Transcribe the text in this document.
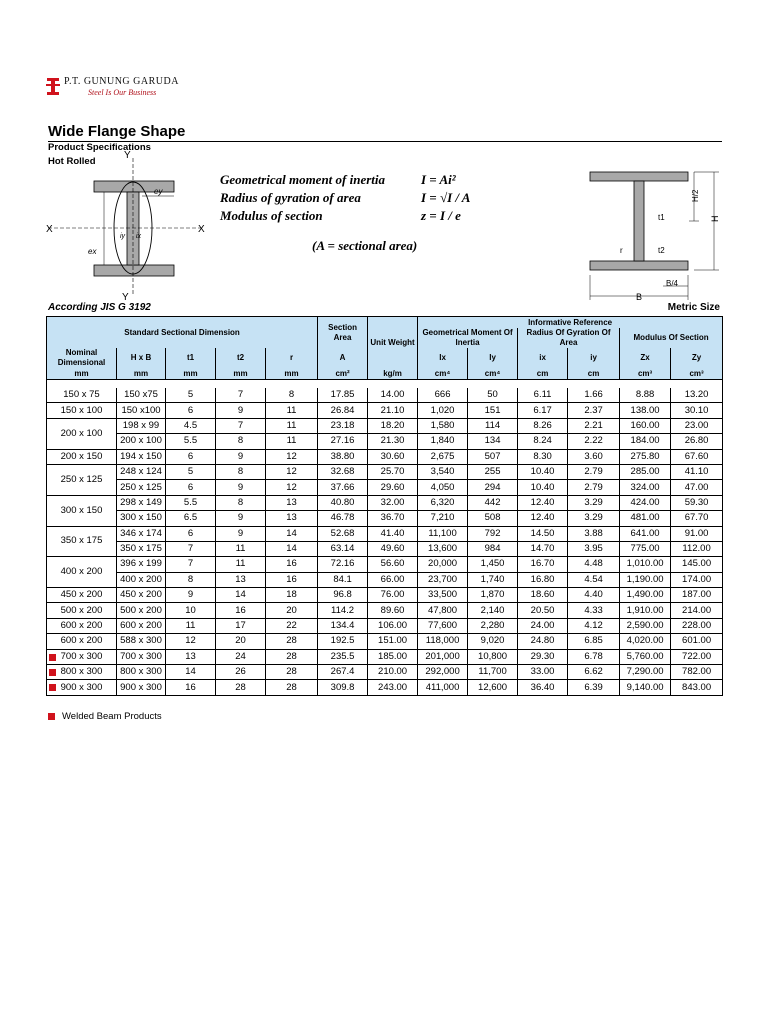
P.T. GUNUNG GARUDA
Steel Is Our Business
Wide Flange Shape
Product Specifications
Hot Rolled
X	X
Y
Y
ey
ex
iy ix
Geometrical moment of inertia
Radius of gyration of area
Modulus of section
I = Ai²
I = √I / A
z = I / e
(A = sectional area)
H
H/2
B
B/4
t1
t2
r
According JIS G 3192	Metric Size
Standard Sectional Dimension					Section Area	Unit Weight	Informative Reference					
							Geometrical Moment Of Inertia		Radius Of Gyration Of Area		Modulus Of Section	
Nominal Dimensional	H x B	t1	t2	r	A		Ix	Iy	ix	iy	Zx	Zy
mm	mm	mm	mm	mm	cm²	kg/m	cm⁴	cm⁴	cm	cm	cm³	cm³

150 x 75	150 x75	5	7	8	17.85	14.00	666	50	6.11	1.66	8.88	13.20
150 x 100	150 x100	6	9	11	26.84	21.10	1,020	151	6.17	2.37	138.00	30.10
200 x 100	198 x 99	4.5	7	11	23.18	18.20	1,580	114	8.26	2.21	160.00	23.00
	200 x 100	5.5	8	11	27.16	21.30	1,840	134	8.24	2.22	184.00	26.80
200 x 150	194 x 150	6	9	12	38.80	30.60	2,675	507	8.30	3.60	275.80	67.60
250 x 125	248 x 124	5	8	12	32.68	25.70	3,540	255	10.40	2.79	285.00	41.10
	250 x 125	6	9	12	37.66	29.60	4,050	294	10.40	2.79	324.00	47.00
300 x 150	298 x 149	5.5	8	13	40.80	32.00	6,320	442	12.40	3.29	424.00	59.30
	300 x 150	6.5	9	13	46.78	36.70	7,210	508	12.40	3.29	481.00	67.70
350 x 175	346 x 174	6	9	14	52.68	41.40	11,100	792	14.50	3.88	641.00	91.00
	350 x 175	7	11	14	63.14	49.60	13,600	984	14.70	3.95	775.00	112.00
400 x 200	396 x 199	7	11	16	72.16	56.60	20,000	1,450	16.70	4.48	1,010.00	145.00
	400 x 200	8	13	16	84.1	66.00	23,700	1,740	16.80	4.54	1,190.00	174.00
450 x 200	450 x 200	9	14	18	96.8	76.00	33,500	1,870	18.60	4.40	1,490.00	187.00
500 x 200	500 x 200	10	16	20	114.2	89.60	47,800	2,140	20.50	4.33	1,910.00	214.00
600 x 200	600 x 200	11	17	22	134.4	106.00	77,600	2,280	24.00	4.12	2,590.00	228.00
600 x 200	588 x 300	12	20	28	192.5	151.00	118,000	9,020	24.80	6.85	4,020.00	601.00

700 x 300	700 x 300	13	24	28	235.5	185.00	201,000	10,800	29.30	6.78	5,760.00	722.00

800 x 300	800 x 300	14	26	28	267.4	210.00	292,000	11,700	33.00	6.62	7,290.00	782.00

900 x 300	900 x 300	16	28	28	309.8	243.00	411,000	12,600	36.40	6.39	9,140.00	843.00
Welded Beam Products
